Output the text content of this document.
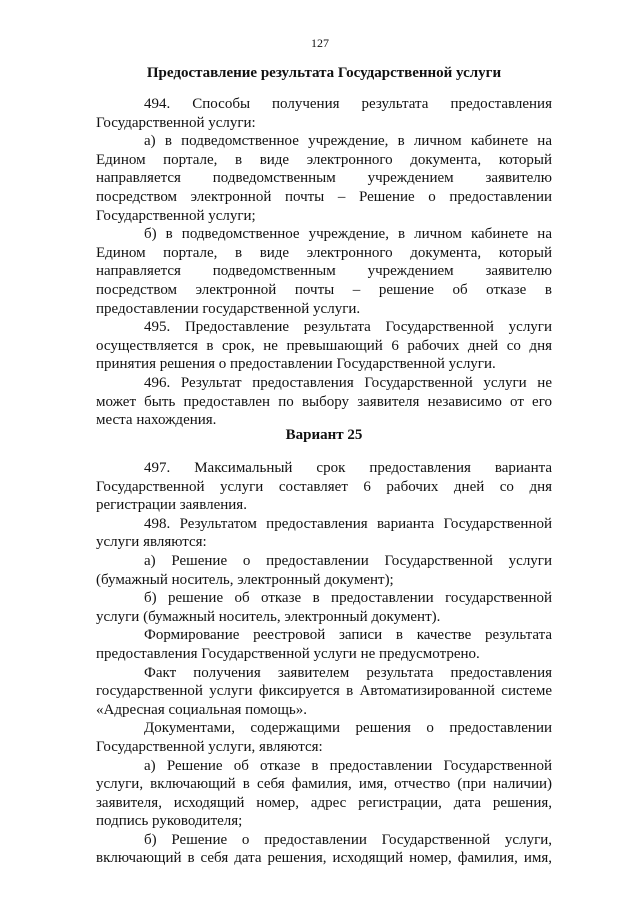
127
Предоставление результата Государственной услуги

494. Способы получения результата предоставления Государственной услуги:

а) в подведомственное учреждение, в личном кабинете на Едином портале, в виде электронного документа, который направляется подведомственным учреждением заявителю посредством электронной почты – Решение о предоставлении Государственной услуги;

б) в подведомственное учреждение, в личном кабинете на Едином портале, в виде электронного документа, который направляется подведомственным учреждением заявителю посредством электронной почты – решение об отказе в предоставлении государственной услуги.

495. Предоставление результата Государственной услуги осуществляется в срок, не превышающий 6 рабочих дней со дня принятия решения о предоставлении Государственной услуги.

496. Результат предоставления Государственной услуги не может быть предоставлен по выбору заявителя независимо от его места нахождения.

Вариант 25

497. Максимальный срок предоставления варианта Государственной услуги составляет 6 рабочих дней со дня регистрации заявления.

498. Результатом предоставления варианта Государственной услуги являются:

а) Решение о предоставлении Государственной услуги (бумажный носитель, электронный документ);

б) решение об отказе в предоставлении государственной услуги (бумажный носитель, электронный документ).

Формирование реестровой записи в качестве результата предоставления Государственной услуги не предусмотрено.

Факт получения заявителем результата предоставления государственной услуги фиксируется в Автоматизированной системе «Адресная социальная помощь».

Документами, содержащими решения о предоставлении Государственной услуги, являются:

а) Решение об отказе в предоставлении Государственной услуги, включающий в себя фамилия, имя, отчество (при наличии) заявителя, исходящий номер, адрес регистрации, дата решения, подпись руководителя;

б) Решение о предоставлении Государственной услуги, включающий в себя дата решения, исходящий номер, фамилия, имя,
